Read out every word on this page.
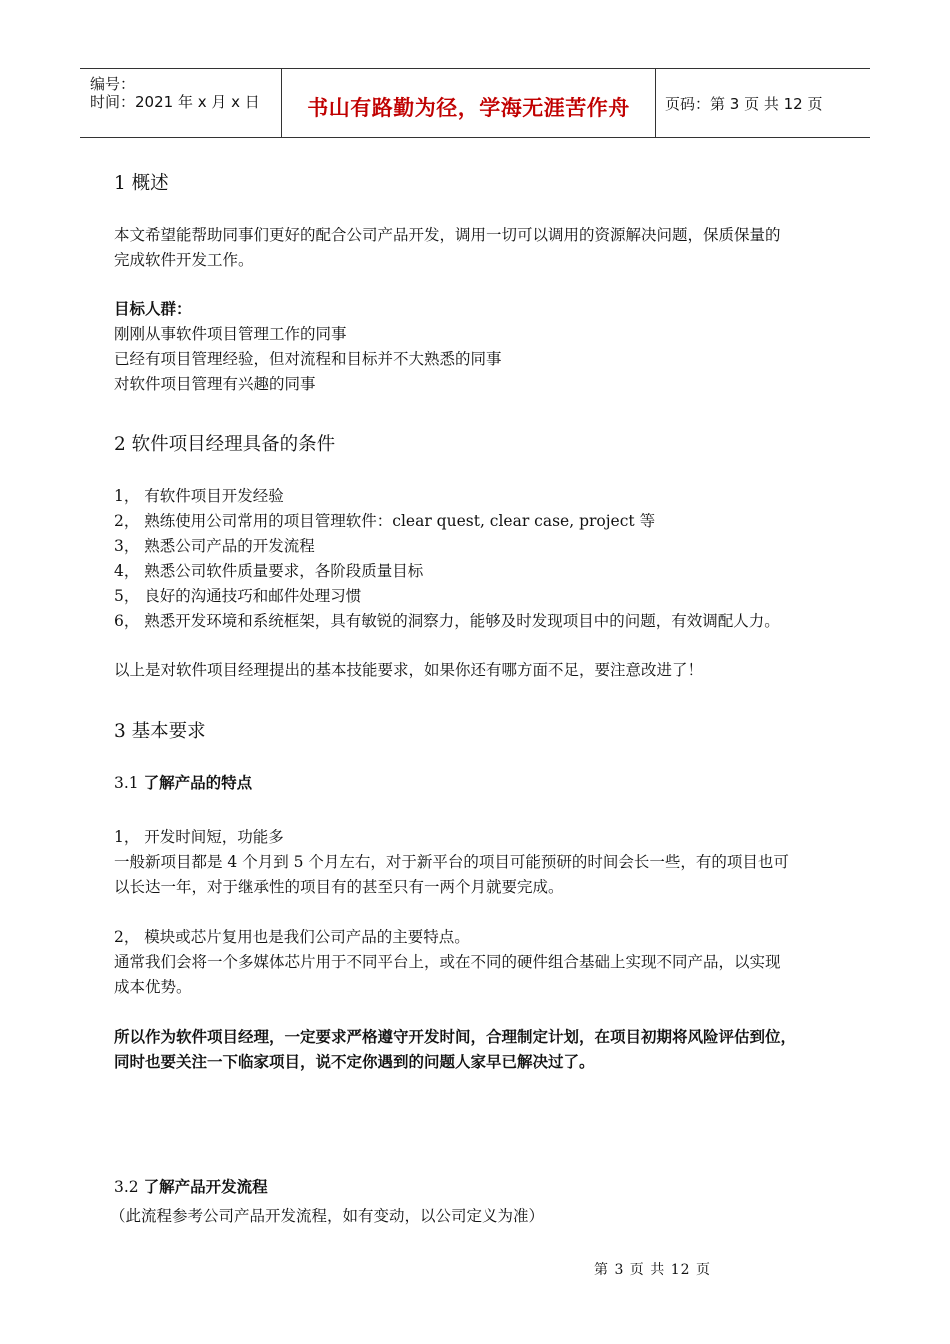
编号：
时间：2021 年 x 月 x 日	书山有路勤为径，学海无涯苦作舟	页码：第 3 页 共 12 页
1 概述
本文希望能帮助同事们更好的配合公司产品开发，调用一切可以调用的资源解决问题，保质保量的
完成软件开发工作。
目标人群：
刚刚从事软件项目管理工作的同事
已经有项目管理经验，但对流程和目标并不大熟悉的同事
对软件项目管理有兴趣的同事
2 软件项目经理具备的条件
1， 有软件项目开发经验
2， 熟练使用公司常用的项目管理软件：clear quest, clear case, project 等
3， 熟悉公司产品的开发流程
4， 熟悉公司软件质量要求，各阶段质量目标
5， 良好的沟通技巧和邮件处理习惯
6， 熟悉开发环境和系统框架，具有敏锐的洞察力，能够及时发现项目中的问题，有效调配人力。
以上是对软件项目经理提出的基本技能要求，如果你还有哪方面不足，要注意改进了！
3 基本要求
3.1 了解产品的特点
1， 开发时间短，功能多
一般新项目都是 4 个月到 5 个月左右，对于新平台的项目可能预研的时间会长一些，有的项目也可
以长达一年，对于继承性的项目有的甚至只有一两个月就要完成。
2， 模块或芯片复用也是我们公司产品的主要特点。
通常我们会将一个多媒体芯片用于不同平台上，或在不同的硬件组合基础上实现不同产品，以实现
成本优势。
所以作为软件项目经理，一定要求严格遵守开发时间，合理制定计划，在项目初期将风险评估到位，
同时也要关注一下临家项目，说不定你遇到的问题人家早已解决过了。
3.2 了解产品开发流程
（此流程参考公司产品开发流程，如有变动，以公司定义为准）
第 3 页 共 12 页
